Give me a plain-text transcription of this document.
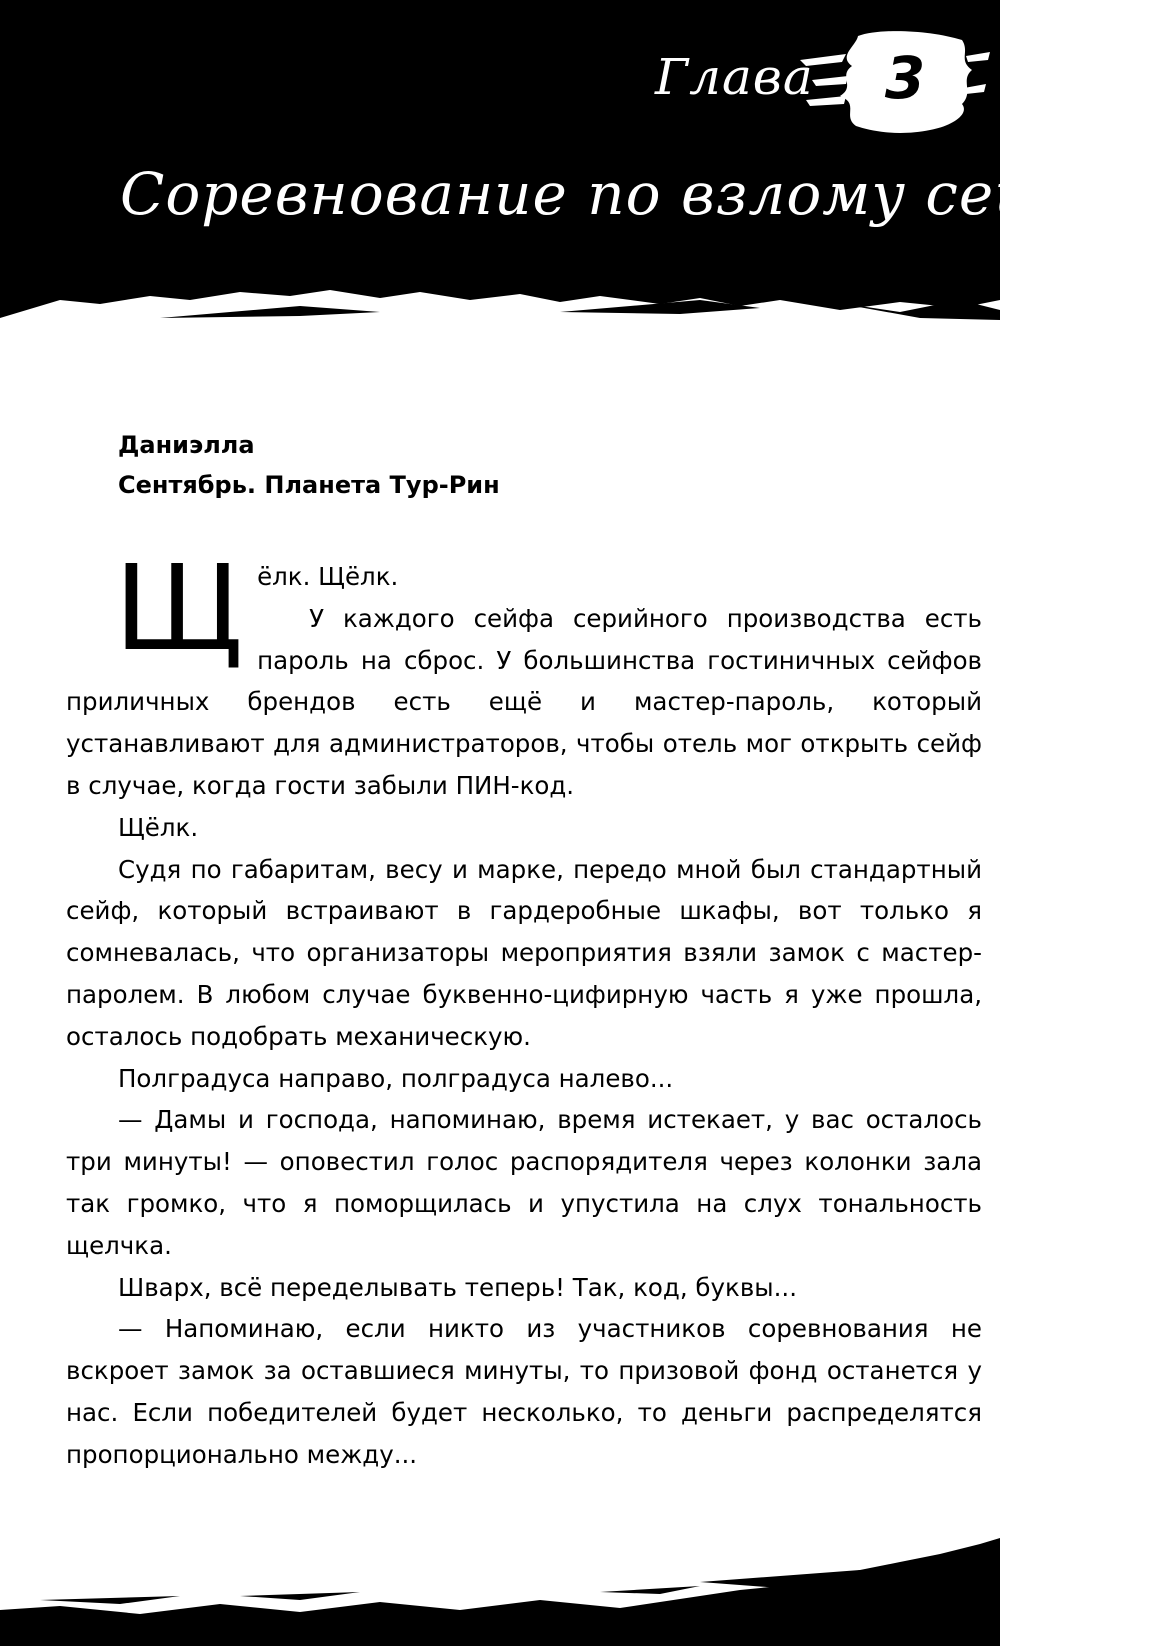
Глава 3
Соревнование по взлому сейфов
Даниэлла
Сентябрь. Планета Тур-Рин

Щёлк. Щёлк.

У каждого сейфа серийного производства есть пароль на сброс. У большинства гостиничных сейфов приличных брендов есть ещё и мастер-пароль, который устанавливают для администраторов, чтобы отель мог открыть сейф в случае, когда гости забыли ПИН-код.

Щёлк.

Судя по габаритам, весу и марке, передо мной был стандартный сейф, который встраивают в гардеробные шкафы, вот только я сомневалась, что организаторы мероприятия взяли замок с мастер-паролем. В любом случае буквенно-цифирную часть я уже прошла, осталось подобрать механическую.

Полградуса направо, полградуса налево...

— Дамы и господа, напоминаю, время истекает, у вас осталось три минуты! — оповестил голос распорядителя через колонки зала так громко, что я поморщилась и упустила на слух тональность щелчка.

Шварх, всё переделывать теперь! Так, код, буквы...

— Напоминаю, если никто из участников соревнования не вскроет замок за оставшиеся минуты, то призовой фонд останется у нас. Если победителей будет несколько, то деньги распределятся пропорционально между...
